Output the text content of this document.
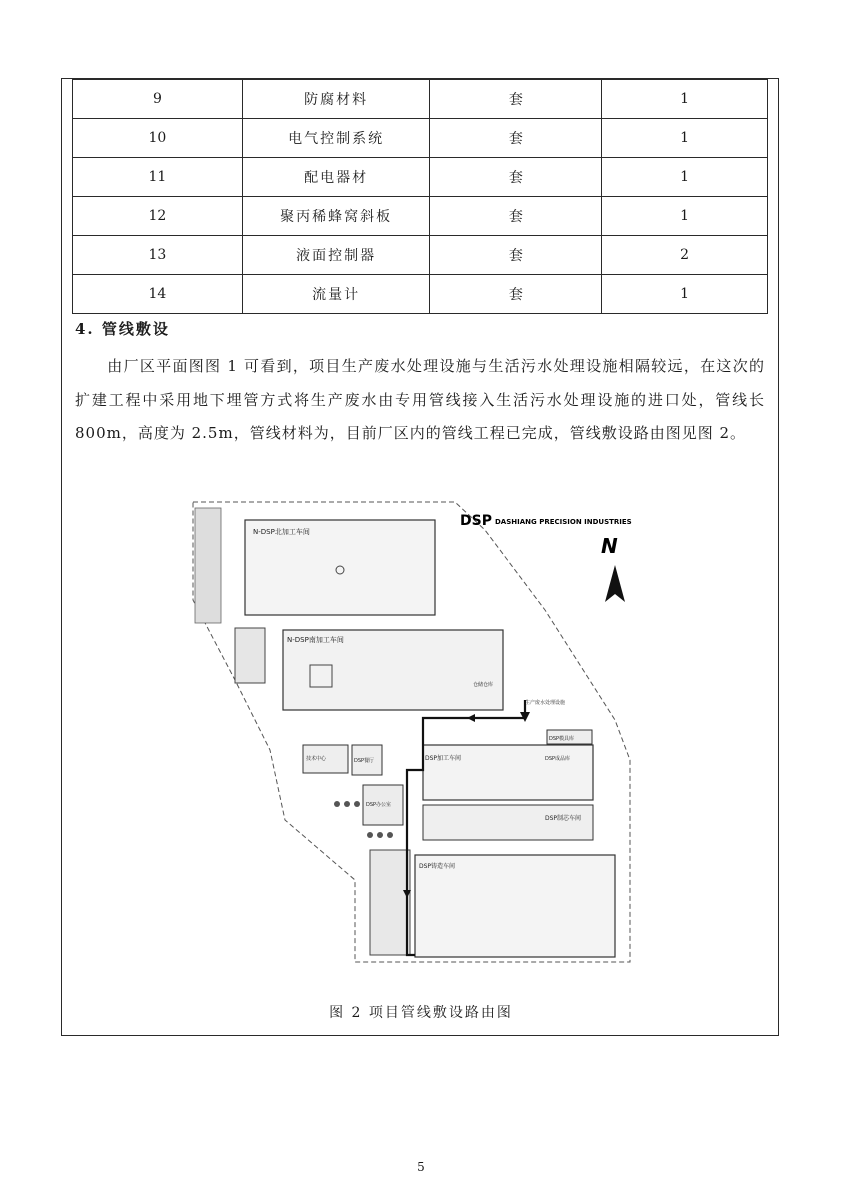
9	防腐材料	套	1
10	电气控制系统	套	1
11	配电器材	套	1
12	聚丙稀蜂窝斜板	套	1
13	液面控制器	套	2
14	流量计	套	1
4. 管线敷设
由厂区平面图图 1 可看到，项目生产废水处理设施与生活污水处理设施相隔较远，在这次的扩建工程中采用地下埋管方式将生产废水由专用管线接入生活污水处理设施的进口处，管线长 800m，高度为 2.5m，管线材料为，目前厂区内的管线工程已完成，管线敷设路由图见图 2。
N-DSP北加工车间
N-DSP南加工车间
仓储仓库
技术中心	DSP餐厅
DSP办公室
DSP加工车间	DSP成品库
DSP模具库
DSP制芯车间
DSP铸造车间
生产废水处理设施
DSP DASHIANG PRECISION INDUSTRIES
N
图 2 项目管线敷设路由图
5
